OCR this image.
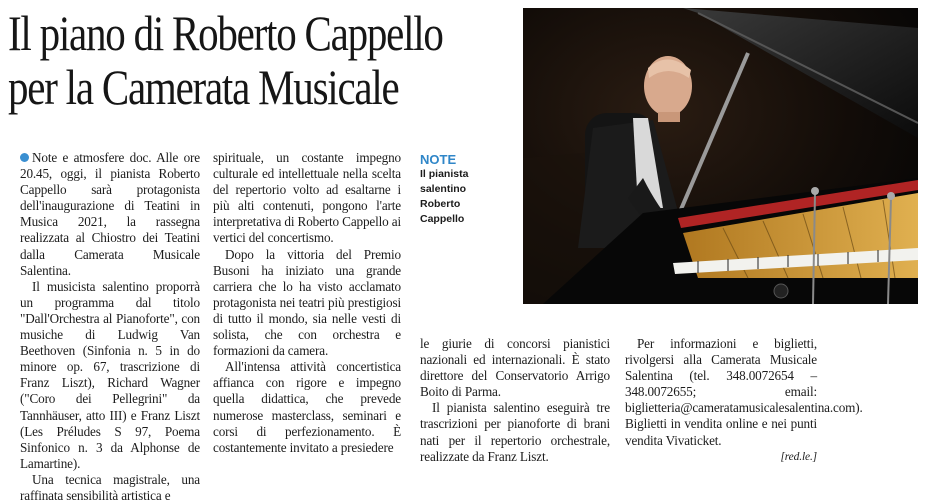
Il piano di Roberto Cappello
per la Camerata Musicale
NOTE
Il pianista
salentino
Roberto
Cappello

Note e atmosfere doc. Alle ore 20.45, oggi, il pianista Roberto Cappello sarà protagonista dell'inaugurazione di Teatini in Musica 2021, la rassegna realizzata al Chiostro dei Teatini dalla Camerata Musicale Salentina.

Il musicista salentino proporrà un programma dal titolo "Dall'Orchestra al Pianoforte", con musiche di Ludwig Van Beethoven (Sinfonia n. 5 in do minore op. 67, trascrizione di Franz Liszt), Richard Wagner ("Coro dei Pellegrini" da Tannhäuser, atto III) e Franz Liszt (Les Préludes S 97, Poema Sinfonico n. 3 da Alphonse de Lamartine).

Una tecnica magistrale, una raffinata sensibilità artistica e

spirituale, un costante impegno culturale ed intellettuale nella scelta del repertorio volto ad esaltarne i più alti contenuti, pongono l'arte interpretativa di Roberto Cappello ai vertici del concertismo.

Dopo la vittoria del Premio Busoni ha iniziato una grande carriera che lo ha visto acclamato protagonista nei teatri più prestigiosi di tutto il mondo, sia nelle vesti di solista, che con orchestra e formazioni da camera.

All'intensa attività concertistica affianca con rigore e impegno quella didattica, che prevede numerose masterclass, seminari e corsi di perfezionamento. È costantemente invitato a presiedere

le giurie di concorsi pianistici nazionali ed internazionali. È stato direttore del Conservatorio Arrigo Boito di Parma.

Il pianista salentino eseguirà tre trascrizioni per pianoforte di brani nati per il repertorio orchestrale, realizzate da Franz Liszt.

Per informazioni e biglietti, rivolgersi alla Camerata Musicale Salentina (tel. 348.0072654 – 348.0072655; email: biglietteria@cameratamusicalesalentina.com). Biglietti in vendita online e nei punti vendita Vivaticket.

[red.le.]
